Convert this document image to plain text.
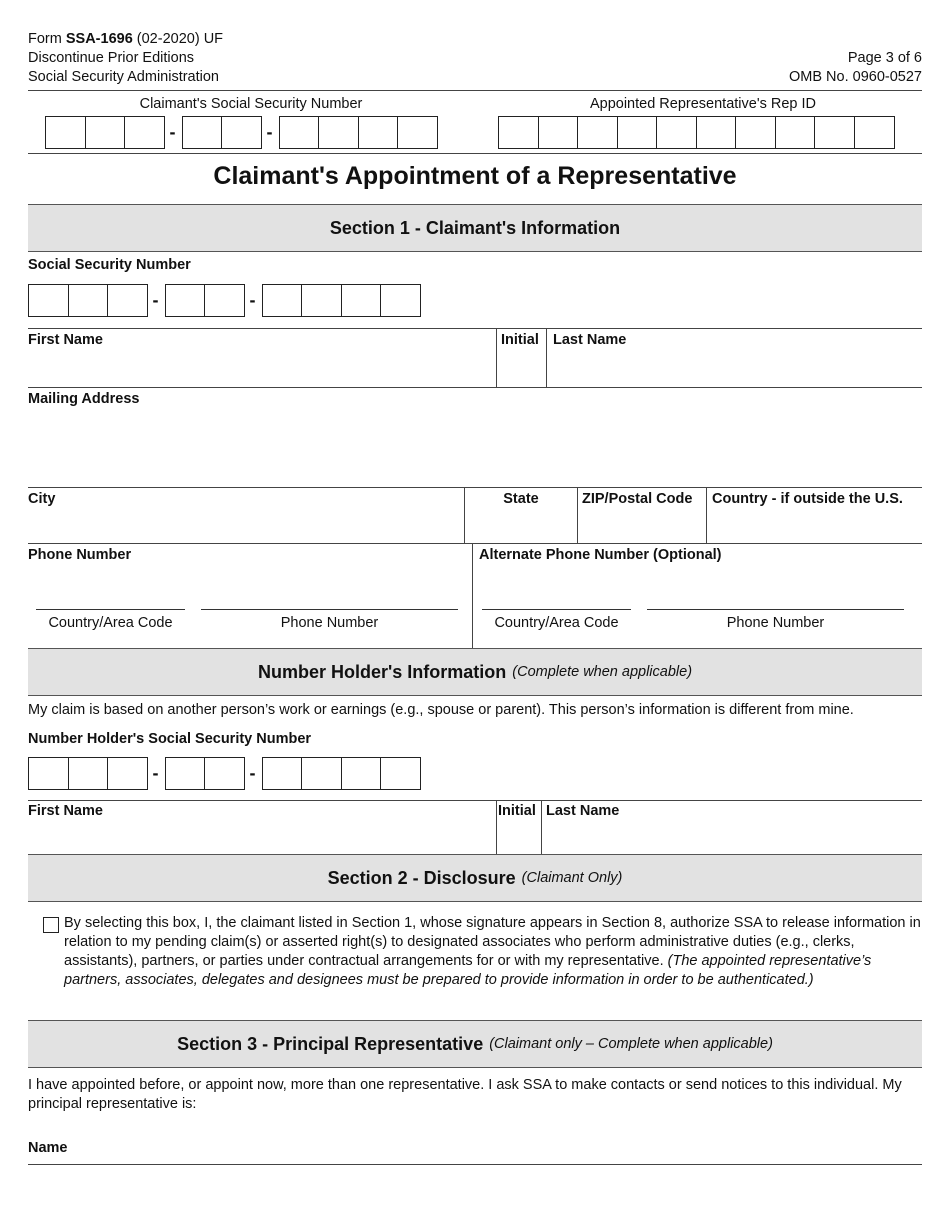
Form SSA-1696 (02-2020) UF
Discontinue Prior Editions
Social Security Administration
Page 3 of 6
OMB No. 0960-0527
Claimant's Social Security Number	Appointed Representative's Rep ID
-	-
Claimant's Appointment of a Representative
Section 1 - Claimant's Information
Social Security Number
-	-
First Name	Initial Last Name
Mailing Address
City	State	ZIP/Postal Code Country - if outside the U.S.
Phone Number	Alternate Phone Number (Optional)
Country/Area Code	Phone Number	Country/Area Code	Phone Number
Number Holder's Information (Complete when applicable)
My claim is based on another person’s work or earnings (e.g., spouse or parent). This person’s information is different from mine.
Number Holder's Social Security Number
-	-
First Name	Initial Last Name
Section 2 - Disclosure (Claimant Only)
By selecting this box, I, the claimant listed in Section 1, whose signature appears in Section 8, authorize SSA to release information in relation to my pending claim(s) or asserted right(s) to designated associates who perform administrative duties (e.g., clerks, assistants), partners, or parties under contractual arrangements for or with my representative. (The appointed representative’s partners, associates, delegates and designees must be prepared to provide information in order to be authenticated.)
Section 3 - Principal Representative (Claimant only – Complete when applicable)
I have appointed before, or appoint now, more than one representative. I ask SSA to make contacts or send notices to this individual. My principal representative is:
Name
